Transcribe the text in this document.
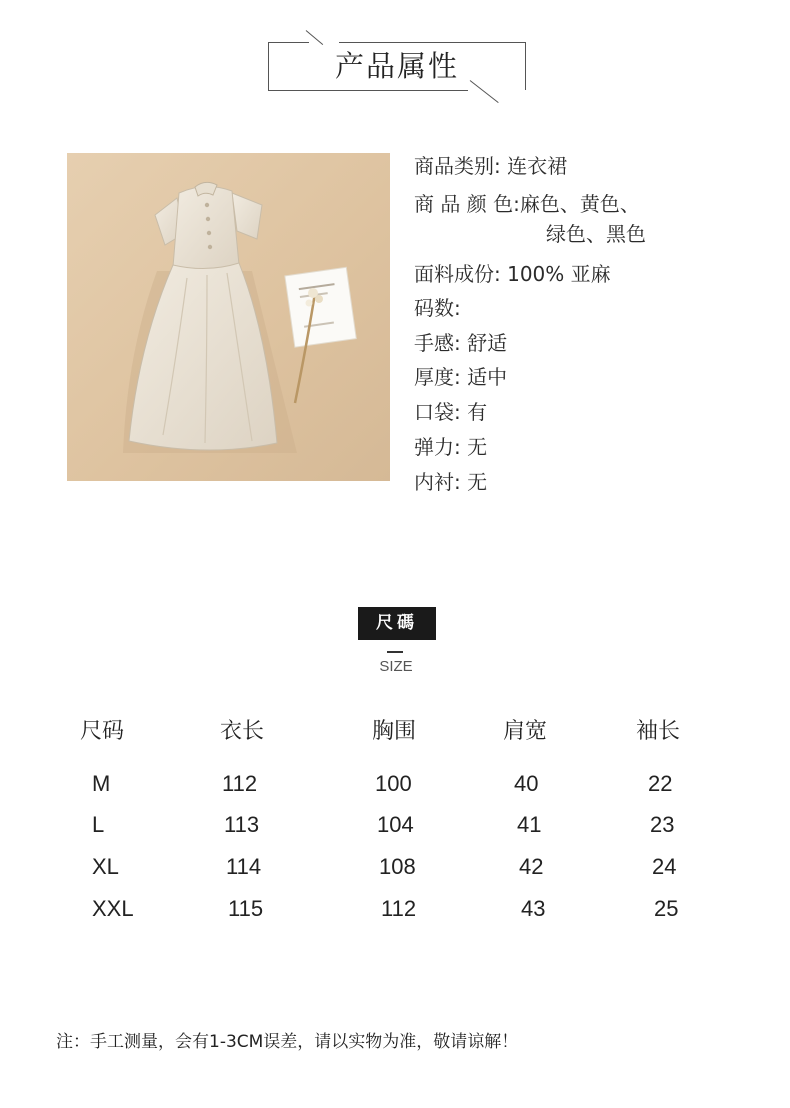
产品属性
商品类别: 连衣裙
商 品 颜 色:麻色、黄色、
绿色、黑色
面料成份: 100% 亚麻
码数:
手感: 舒适
厚度: 适中
口袋: 有
弹力: 无
内衬: 无
尺碼
SIZE
尺码	衣长	胸围	肩宽	袖长
M	112	100	40	22
L	113	104	41	23
XL	114	108	42	24
XXL	115	112	43	25
注：手工测量，会有1-3CM误差，请以实物为准，敬请谅解！
